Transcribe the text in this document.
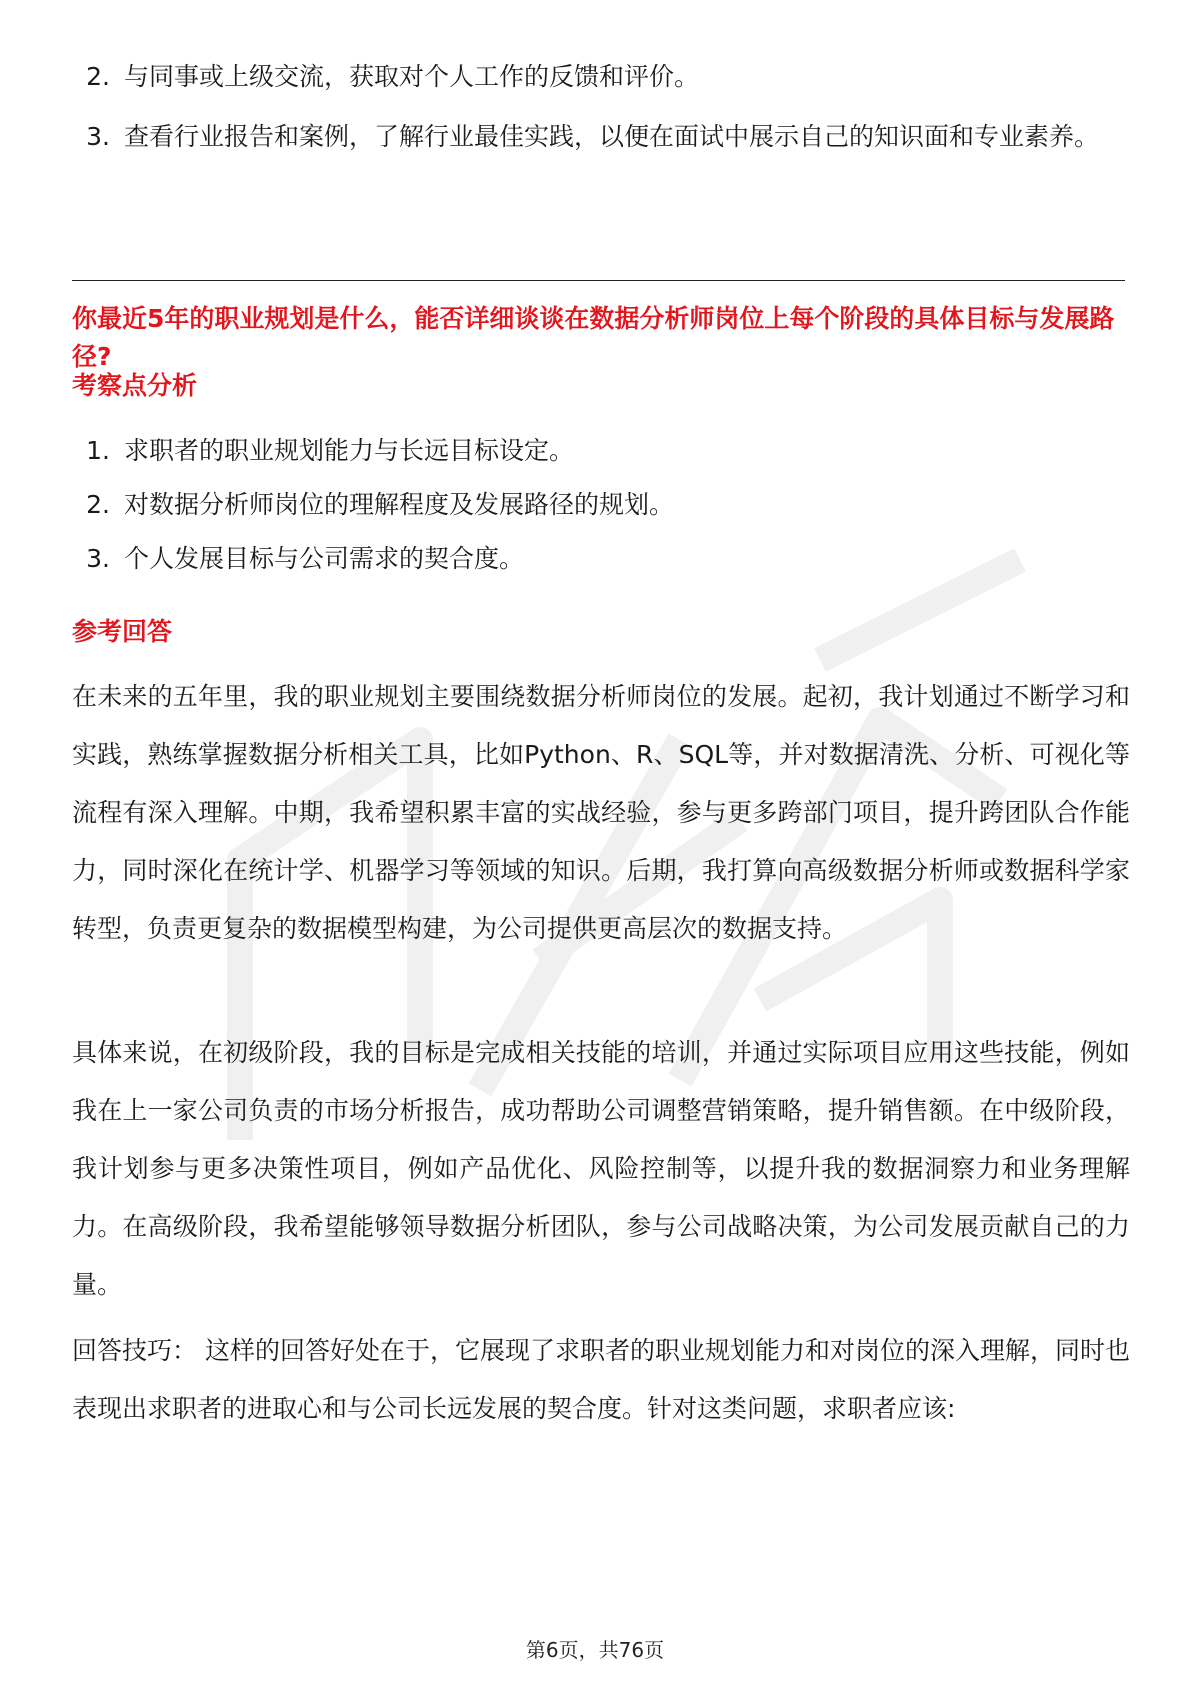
2. 与同事或上级交流，获取对个人工作的反馈和评价。
3. 查看行业报告和案例，了解行业最佳实践，以便在面试中展示自己的知识面和专业素养。
你最近5年的职业规划是什么，能否详细谈谈在数据分析师岗位上每个阶段的具体目标与发展路径?
考察点分析
1. 求职者的职业规划能力与长远目标设定。
2. 对数据分析师岗位的理解程度及发展路径的规划。
3. 个人发展目标与公司需求的契合度。
参考回答

在未来的五年里，我的职业规划主要围绕数据分析师岗位的发展。起初，我计划通过不断学习和实践，熟练掌握数据分析相关工具，比如Python、R、SQL等，并对数据清洗、分析、可视化等流程有深入理解。中期，我希望积累丰富的实战经验，参与更多跨部门项目，提升跨团队合作能力，同时深化在统计学、机器学习等领域的知识。后期，我打算向高级数据分析师或数据科学家转型，负责更复杂的数据模型构建，为公司提供更高层次的数据支持。

具体来说，在初级阶段，我的目标是完成相关技能的培训，并通过实际项目应用这些技能，例如我在上一家公司负责的市场分析报告，成功帮助公司调整营销策略，提升销售额。在中级阶段，我计划参与更多决策性项目，例如产品优化、风险控制等，以提升我的数据洞察力和业务理解力。在高级阶段，我希望能够领导数据分析团队，参与公司战略决策，为公司发展贡献自己的力量。

回答技巧： 这样的回答好处在于，它展现了求职者的职业规划能力和对岗位的深入理解，同时也表现出求职者的进取心和与公司长远发展的契合度。针对这类问题，求职者应该:

第6页，共76页
